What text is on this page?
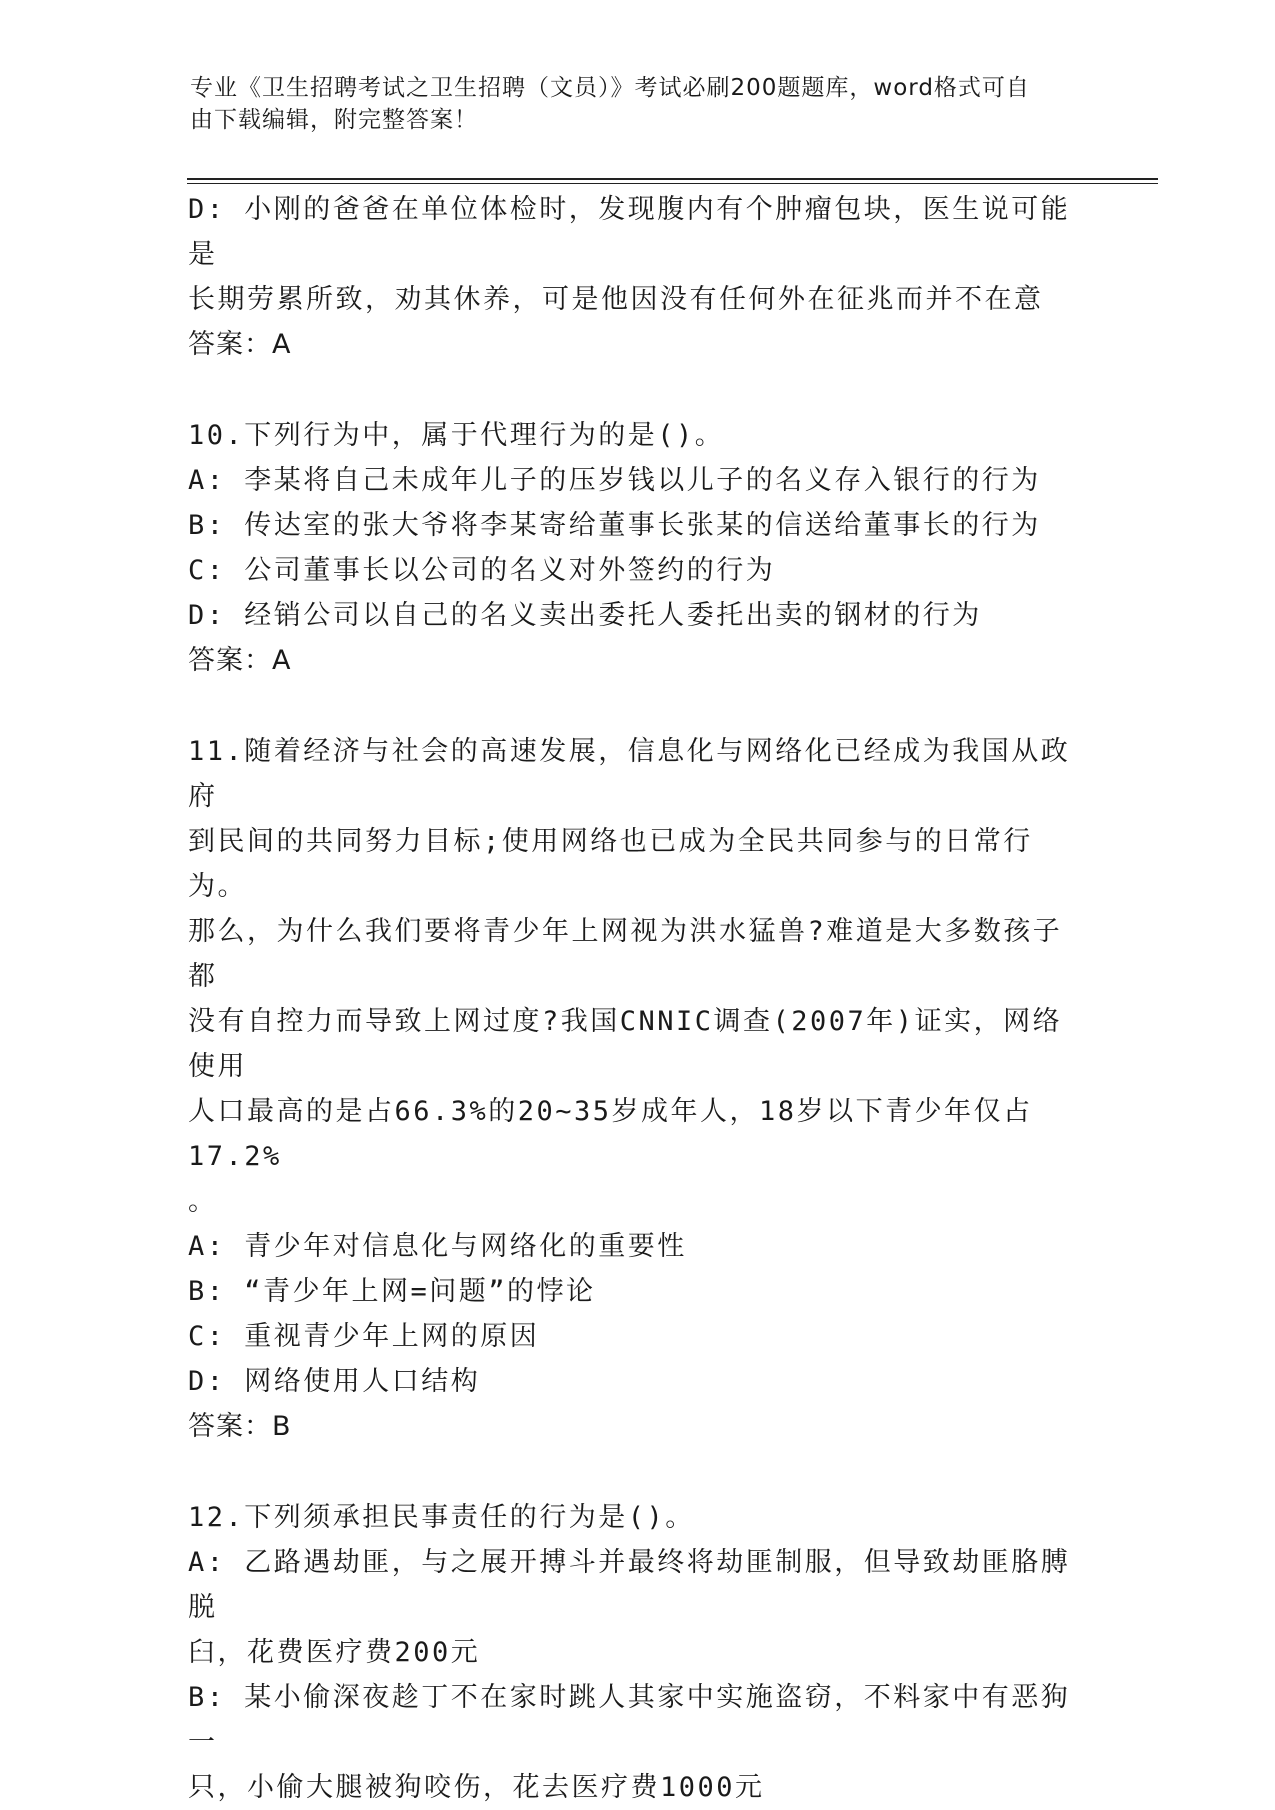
专业《卫生招聘考试之卫生招聘（文员）》考试必刷200题题库，word格式可自
由下载编辑，附完整答案！
D: 小刚的爸爸在单位体检时，发现腹内有个肿瘤包块，医生说可能是
长期劳累所致，劝其休养，可是他因没有任何外在征兆而并不在意
答案：A
10.下列行为中，属于代理行为的是()。
A: 李某将自己未成年儿子的压岁钱以儿子的名义存入银行的行为
B: 传达室的张大爷将李某寄给董事长张某的信送给董事长的行为
C: 公司董事长以公司的名义对外签约的行为
D: 经销公司以自己的名义卖出委托人委托出卖的钢材的行为
答案：A
11.随着经济与社会的高速发展，信息化与网络化已经成为我国从政府
到民间的共同努力目标;使用网络也已成为全民共同参与的日常行为。
那么，为什么我们要将青少年上网视为洪水猛兽?难道是大多数孩子都
没有自控力而导致上网过度?我国CNNIC调查(2007年)证实，网络使用
人口最高的是占66.3%的20~35岁成年人，18岁以下青少年仅占17.2%
。
A: 青少年对信息化与网络化的重要性
B: “青少年上网=问题”的悖论
C: 重视青少年上网的原因
D: 网络使用人口结构
答案：B
12.下列须承担民事责任的行为是()。
A: 乙路遇劫匪，与之展开搏斗并最终将劫匪制服，但导致劫匪胳膊脱
臼，花费医疗费200元
B: 某小偷深夜趁丁不在家时跳人其家中实施盗窃，不料家中有恶狗一
只，小偷大腿被狗咬伤，花去医疗费1000元
